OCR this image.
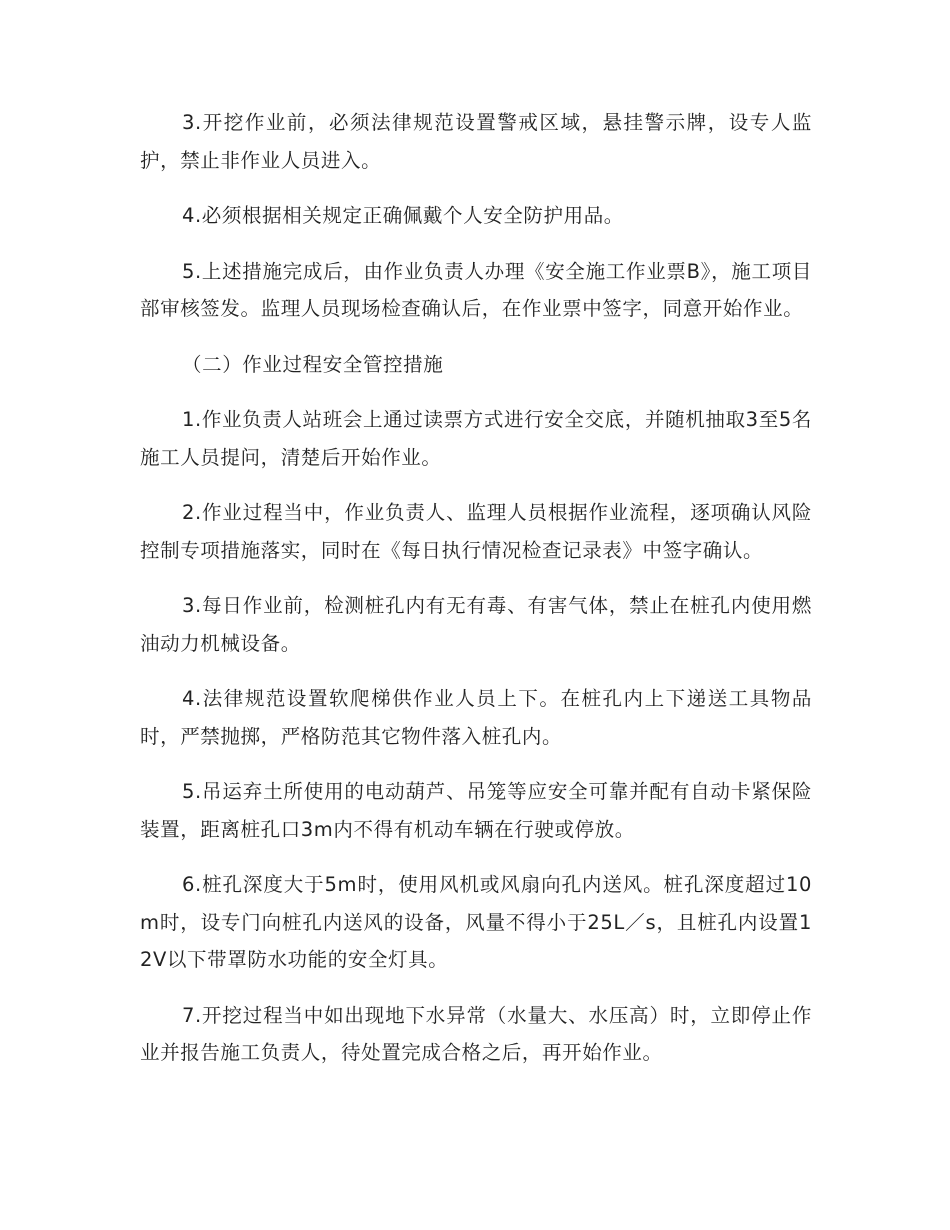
3.开挖作业前，必须法律规范设置警戒区域，悬挂警示牌，设专人监护，禁止非作业人员进入。

4.必须根据相关规定正确佩戴个人安全防护用品。

5.上述措施完成后，由作业负责人办理《安全施工作业票B》，施工项目部审核签发。监理人员现场检查确认后，在作业票中签字，同意开始作业。

（二）作业过程安全管控措施

1.作业负责人站班会上通过读票方式进行安全交底，并随机抽取3至5名施工人员提问，清楚后开始作业。

2.作业过程当中，作业负责人、监理人员根据作业流程，逐项确认风险控制专项措施落实，同时在《每日执行情况检查记录表》中签字确认。

3.每日作业前，检测桩孔内有无有毒、有害气体，禁止在桩孔内使用燃油动力机械设备。

4.法律规范设置软爬梯供作业人员上下。在桩孔内上下递送工具物品时，严禁抛掷，严格防范其它物件落入桩孔内。

5.吊运弃土所使用的电动葫芦、吊笼等应安全可靠并配有自动卡紧保险装置，距离桩孔口3m内不得有机动车辆在行驶或停放。

6.桩孔深度大于5m时，使用风机或风扇向孔内送风。桩孔深度超过10m时，设专门向桩孔内送风的设备，风量不得小于25L／s，且桩孔内设置12V以下带罩防水功能的安全灯具。

7.开挖过程当中如出现地下水异常（水量大、水压高）时，立即停止作业并报告施工负责人，待处置完成合格之后，再开始作业。
